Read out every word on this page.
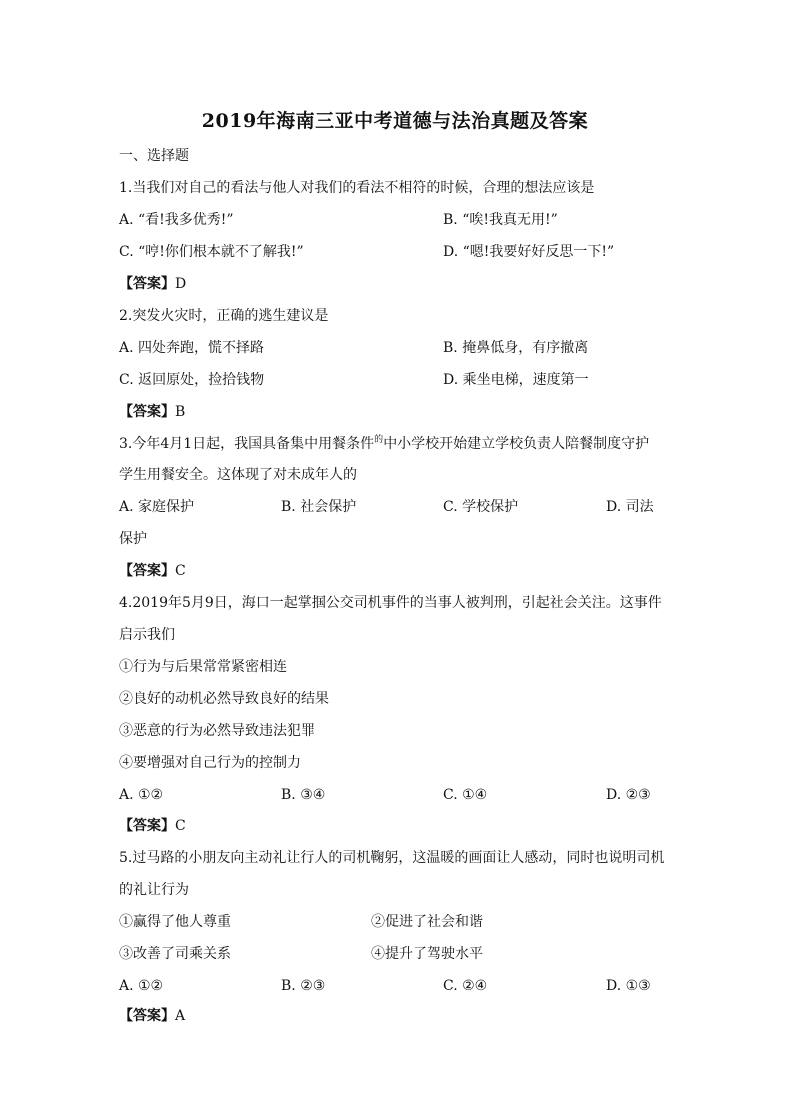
2019年海南三亚中考道德与法治真题及答案
一、选择题
1.当我们对自己的看法与他人对我们的看法不相符的时候，合理的想法应该是
A. “看!我多优秀!”	B. “唉!我真无用!”
C. “哼!你们根本就不了解我!”	D. “嗯!我要好好反思一下!”
【答案】D
2.突发火灾时，正确的逃生建议是
A. 四处奔跑，慌不择路	B. 掩鼻低身，有序撤离
C. 返回原处，捡拾钱物	D. 乘坐电梯，速度第一
【答案】B
3.今年4月1日起，我国具备集中用餐条件$^的$中小学校开始建立学校负责人陪餐制度守护
学生用餐安全。这体现了对未成年人的
A. 家庭保护	B. 社会保护	C. 学校保护	D. 司法
保护
【答案】C
4.2019年5月9日，海口一起掌掴公交司机事件的当事人被判刑，引起社会关注。这事件
启示我们
①行为与后果常常紧密相连
②良好的动机必然导致良好的结果
③恶意的行为必然导致违法犯罪
④要增强对自己行为的控制力
A. ①②	B. ③④	C. ①④	D. ②③
【答案】C
5.过马路的小朋友向主动礼让行人的司机鞠躬，这温暖的画面让人感动，同时也说明司机
的礼让行为
①赢得了他人尊重	②促进了社会和谐
③改善了司乘关系	④提升了驾驶水平
A. ①②	B. ②③	C. ②④	D. ①③
【答案】A
